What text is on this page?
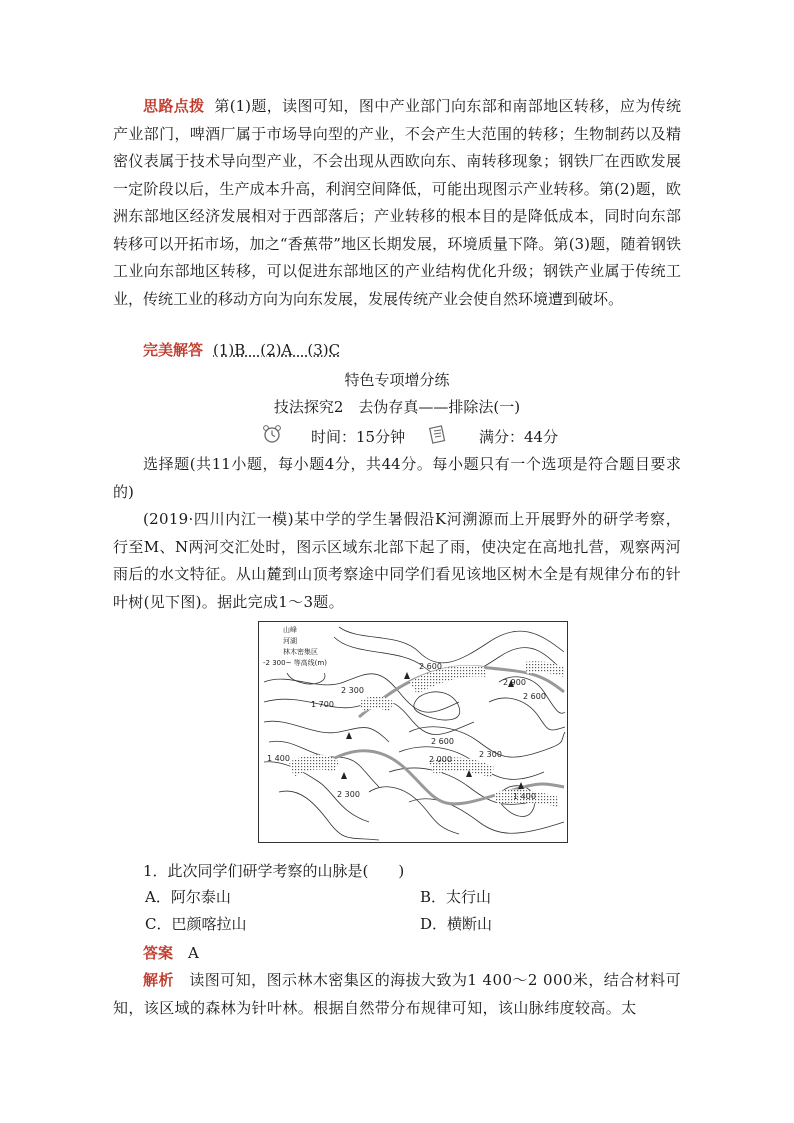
思路点拨 第(1)题，读图可知，图中产业部门向东部和南部地区转移，应为传统产业部门，啤酒厂属于市场导向型的产业，不会产生大范围的转移；生物制药以及精密仪表属于技术导向型产业，不会出现从西欧向东、南转移现象；钢铁厂在西欧发展一定阶段以后，生产成本升高，利润空间降低，可能出现图示产业转移。第(2)题，欧洲东部地区经济发展相对于西部落后；产业转移的根本目的是降低成本，同时向东部转移可以开拓市场，加之“香蕉带”地区长期发展，环境质量下降。第(3)题，随着钢铁工业向东部地区转移，可以促进东部地区的产业结构优化升级；钢铁产业属于传统工业，传统工业的移动方向为向东发展，发展传统产业会使自然环境遭到破坏。
完美解答 (1)B　(2)A　(3)C
特色专项增分练
技法探究2　去伪存真——排除法(一)
时间：15分钟	满分：44分
选择题(共11小题，每小题4分，共44分。每小题只有一个选项是符合题目要求的)
(2019·四川内江一模)某中学的学生暑假沿K河溯源而上开展野外的研学考察，行至M、N两河交汇处时，图示区域东北部下起了雨，使决定在高地扎营，观察两河雨后的水文特征。从山麓到山顶考察途中同学们看见该地区树木全是有规律分布的针叶树(见下图)。据此完成1～3题。
山峰
河湖
林木密集区
-2 300~ 等高线(m)	2 600
2 900
2 600
2 300
1 700
2 600
2 300
2 000
1 400
2 300	1 400
1．此次同学们研学考察的山脉是(　　)
A．阿尔泰山	B．太行山
C．巴颜喀拉山	D．横断山
答案　 A
解析　 读图可知，图示林木密集区的海拔大致为1 400～2 000米，结合材料可知，该区域的森林为针叶林。根据自然带分布规律可知，该山脉纬度较高。太
